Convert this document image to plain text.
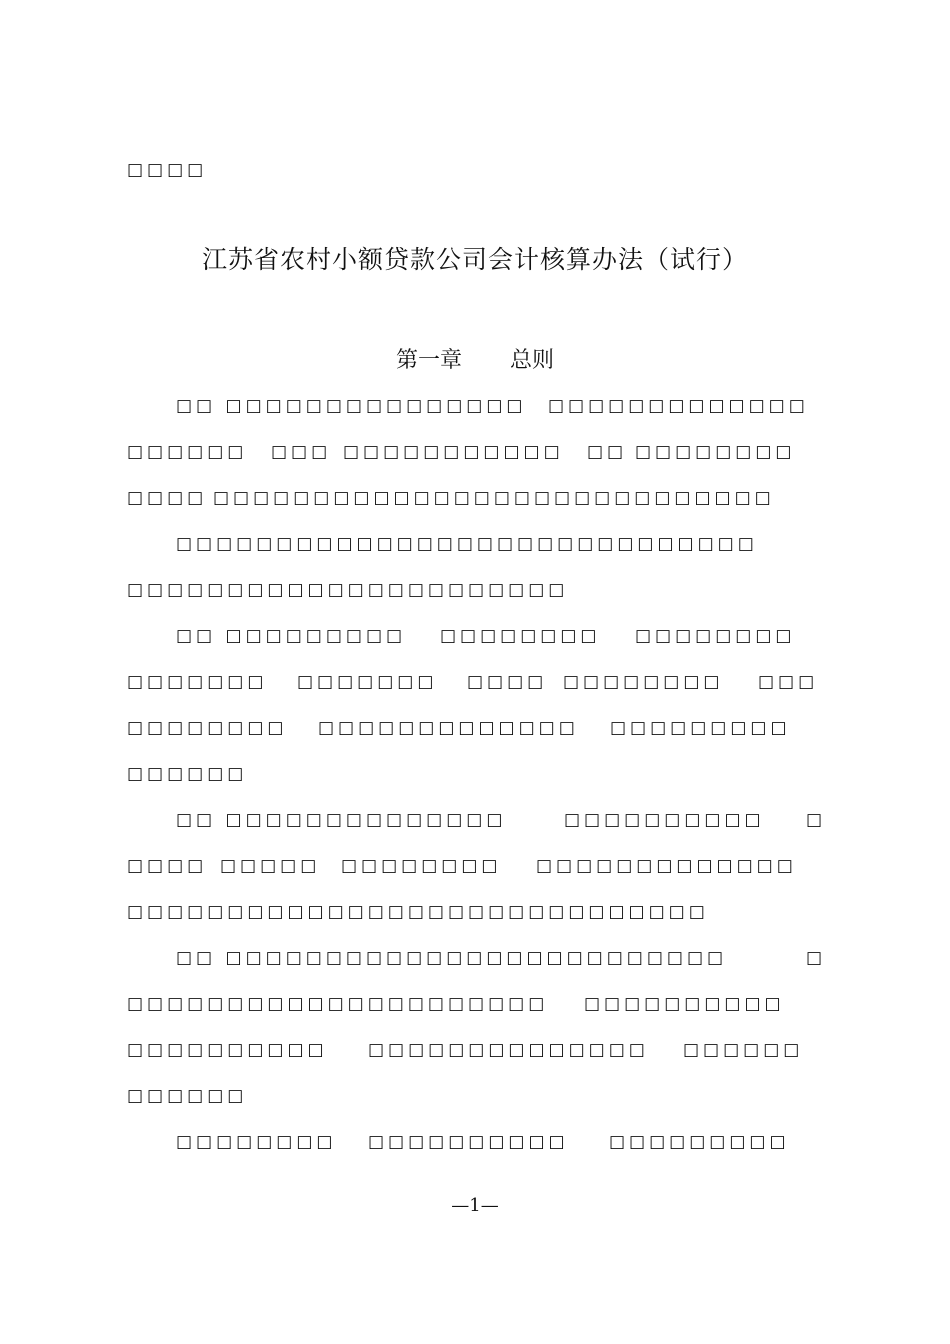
□□□□
江苏省农村小额贷款公司会计核算办法（试行）
第一章 总则
□□ □□□□□□□□□□□□□□□ □□□□□□□□□□□□□
□□□□□□ □□□ □□□□□□□□□□□ □□ □□□□□□□□
□□□□ □□□□□□□□□□□□□□□□□□□□□□□□□□□□
□□□□□□□□□□□□□□□□□□□□□□□□□□□□□
□□□□□□□□□□□□□□□□□□□□□□
□□ □□□□□□□□□ □□□□□□□□ □□□□□□□□
□□□□□□□ □□□□□□□ □□□□ □□□□□□□□ □□□
□□□□□□□□ □□□□□□□□□□□□□ □□□□□□□□□
□□□□□□
□□ □□□□□□□□□□□□□□	□□□□□□□□□□ □
□□□□ □□□□□ □□□□□□□□ □□□□□□□□□□□□□
□□□□□□□□□□□□□□□□□□□□□□□□□□□□□
□□ □□□□□□□□□□□□□□□□□□□□□□□□□	□
□□□□□□□□□□□□□□□□□□□□□ □□□□□□□□□□
□□□□□□□□□□ □□□□□□□□□□□□□□ □□□□□□
□□□□□□
□□□□□□□□ □□□□□□□□□□ □□□□□□□□□
—1—
